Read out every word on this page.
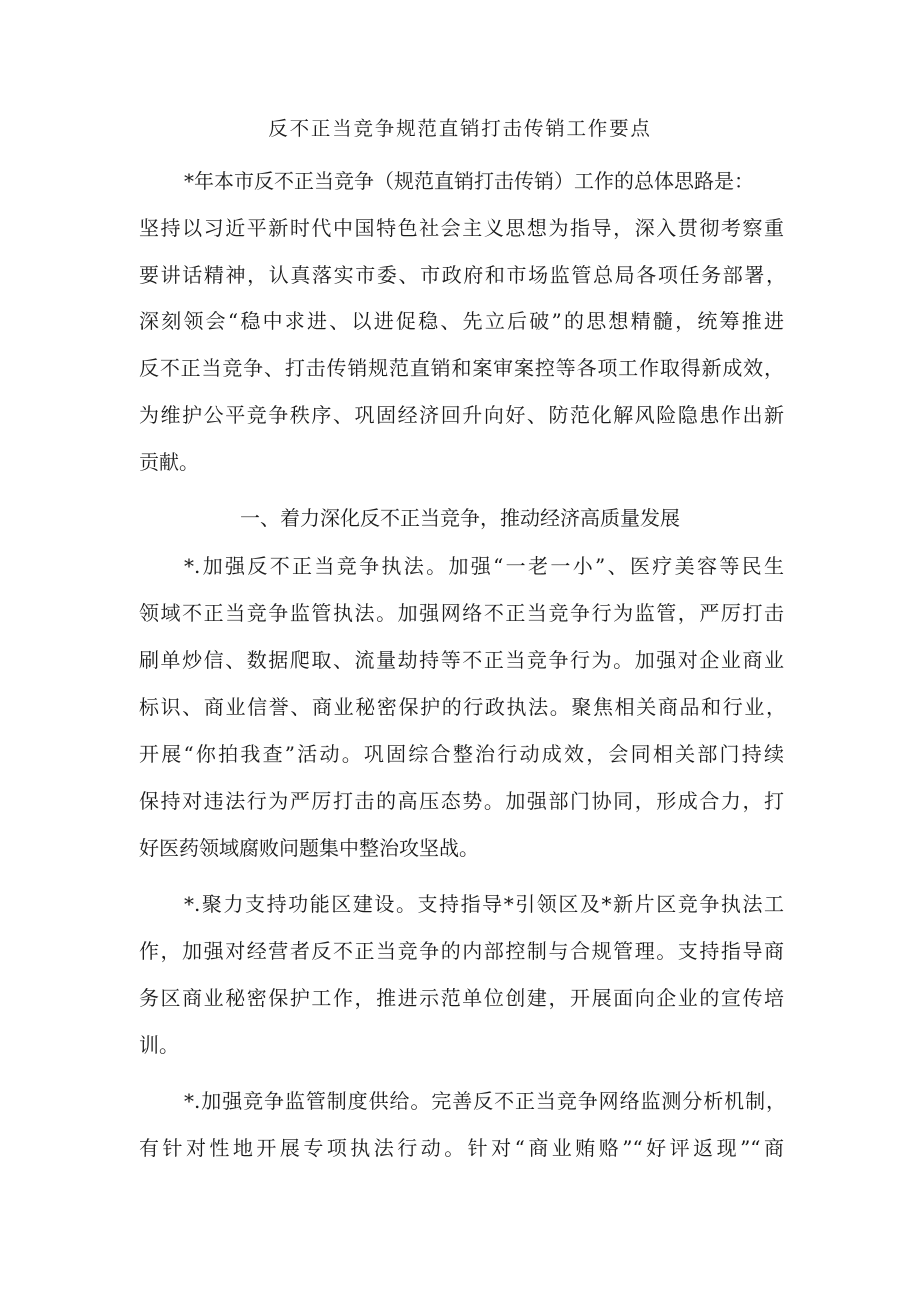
反不正当竞争规范直销打击传销工作要点
*年本市反不正当竞争（规范直销打击传销）工作的总体思路是：
坚持以习近平新时代中国特色社会主义思想为指导，深入贯彻考察重
要讲话精神，认真落实市委、市政府和市场监管总局各项任务部署，
深刻领会“稳中求进、以进促稳、先立后破”的思想精髓，统筹推进
反不正当竞争、打击传销规范直销和案审案控等各项工作取得新成效，
为维护公平竞争秩序、巩固经济回升向好、防范化解风险隐患作出新
贡献。
一、着力深化反不正当竞争，推动经济高质量发展
*.加强反不正当竞争执法。加强“一老一小”、医疗美容等民生
领域不正当竞争监管执法。加强网络不正当竞争行为监管，严厉打击
刷单炒信、数据爬取、流量劫持等不正当竞争行为。加强对企业商业
标识、商业信誉、商业秘密保护的行政执法。聚焦相关商品和行业，
开展“你拍我查”活动。巩固综合整治行动成效，会同相关部门持续
保持对违法行为严厉打击的高压态势。加强部门协同，形成合力，打
好医药领域腐败问题集中整治攻坚战。
*.聚力支持功能区建设。支持指导*引领区及*新片区竞争执法工
作，加强对经营者反不正当竞争的内部控制与合规管理。支持指导商
务区商业秘密保护工作，推进示范单位创建，开展面向企业的宣传培
训。
*.加强竞争监管制度供给。完善反不正当竞争网络监测分析机制，
有针对性地开展专项执法行动。针对“商业贿赂”“好评返现”“商
